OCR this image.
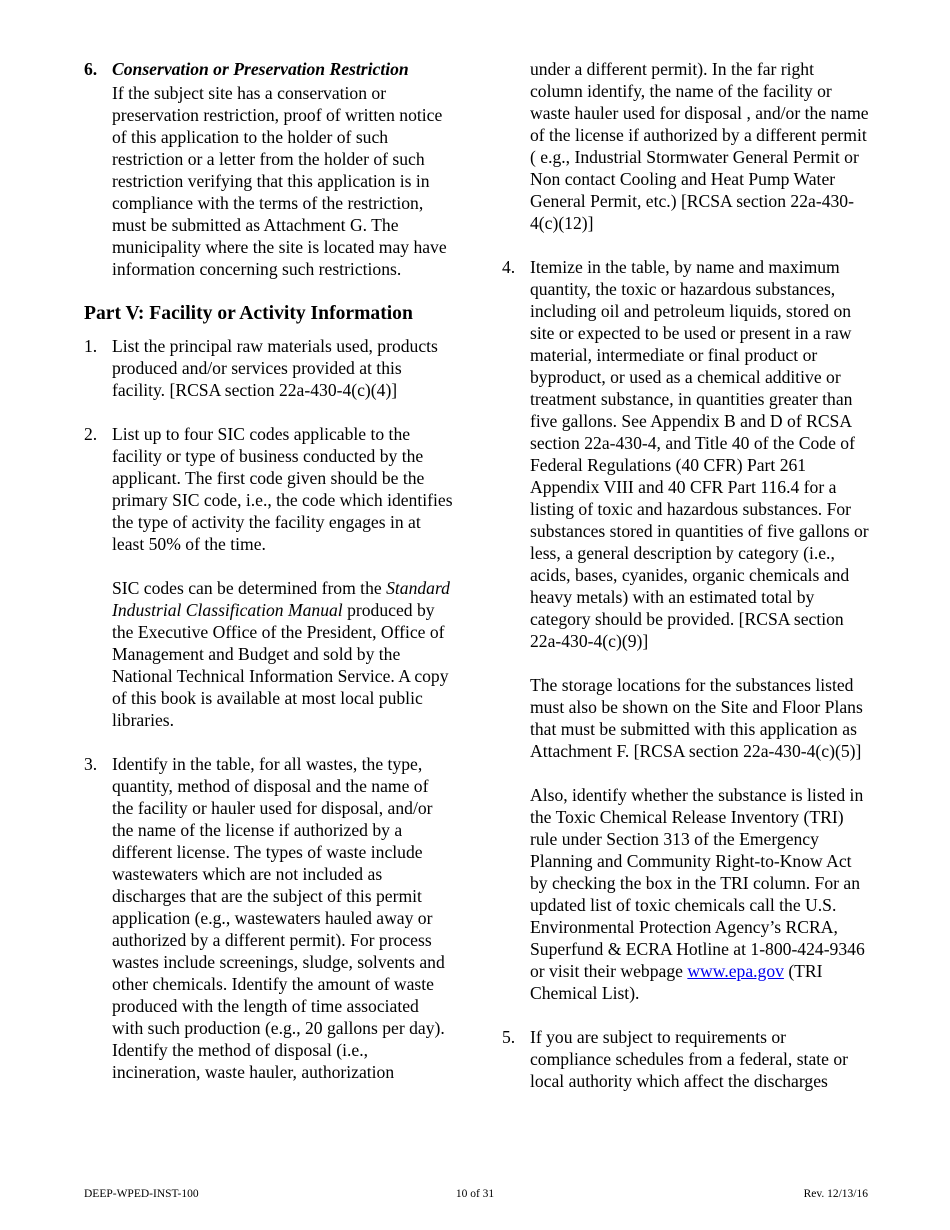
6. Conservation or Preservation Restriction

If the subject site has a conservation or preservation restriction, proof of written notice of this application to the holder of such restriction or a letter from the holder of such restriction verifying that this application is in compliance with the terms of the restriction, must be submitted as Attachment G. The municipality where the site is located may have information concerning such restrictions.

Part V: Facility or Activity Information
1. List the principal raw materials used, products produced and/or services provided at this facility. [RCSA section 22a-430-4(c)(4)]

2. List up to four SIC codes applicable to the facility or type of business conducted by the applicant. The first code given should be the primary SIC code, i.e., the code which identifies the type of activity the facility engages in at least 50% of the time.

SIC codes can be determined from the Standard Industrial Classification Manual produced by the Executive Office of the President, Office of Management and Budget and sold by the National Technical Information Service. A copy of this book is available at most local public libraries.

3. Identify in the table, for all wastes, the type, quantity, method of disposal and the name of the facility or hauler used for disposal, and/or the name of the license if authorized by a different license. The types of waste include wastewaters which are not included as discharges that are the subject of this permit application (e.g., wastewaters hauled away or authorized by a different permit). For process wastes include screenings, sludge, solvents and other chemicals. Identify the amount of waste produced with the length of time associated with such production (e.g., 20 gallons per day). Identify the method of disposal (i.e., incineration, waste hauler, authorization

under a different permit). In the far right column identify, the name of the facility or waste hauler used for disposal , and/or the name of the license if authorized by a different permit ( e.g., Industrial Stormwater General Permit or Non contact Cooling and Heat Pump Water General Permit, etc.) [RCSA section 22a-430-4(c)(12)]

4. Itemize in the table, by name and maximum quantity, the toxic or hazardous substances, including oil and petroleum liquids, stored on site or expected to be used or present in a raw material, intermediate or final product or byproduct, or used as a chemical additive or treatment substance, in quantities greater than five gallons. See Appendix B and D of RCSA section 22a-430-4, and Title 40 of the Code of Federal Regulations (40 CFR) Part 261 Appendix VIII and 40 CFR Part 116.4 for a listing of toxic and hazardous substances. For substances stored in quantities of five gallons or less, a general description by category (i.e., acids, bases, cyanides, organic chemicals and heavy metals) with an estimated total by category should be provided. [RCSA section 22a-430-4(c)(9)]

The storage locations for the substances listed must also be shown on the Site and Floor Plans that must be submitted with this application as Attachment F. [RCSA section 22a-430-4(c)(5)]

Also, identify whether the substance is listed in the Toxic Chemical Release Inventory (TRI) rule under Section 313 of the Emergency Planning and Community Right-to-Know Act by checking the box in the TRI column. For an updated list of toxic chemicals call the U.S. Environmental Protection Agency’s RCRA, Superfund & ECRA Hotline at 1-800-424-9346 or visit their webpage www.epa.gov (TRI Chemical List).

5. If you are subject to requirements or compliance schedules from a federal, state or local authority which affect the discharges

DEEP-WPED-INST-100	10 of 31	Rev. 12/13/16
